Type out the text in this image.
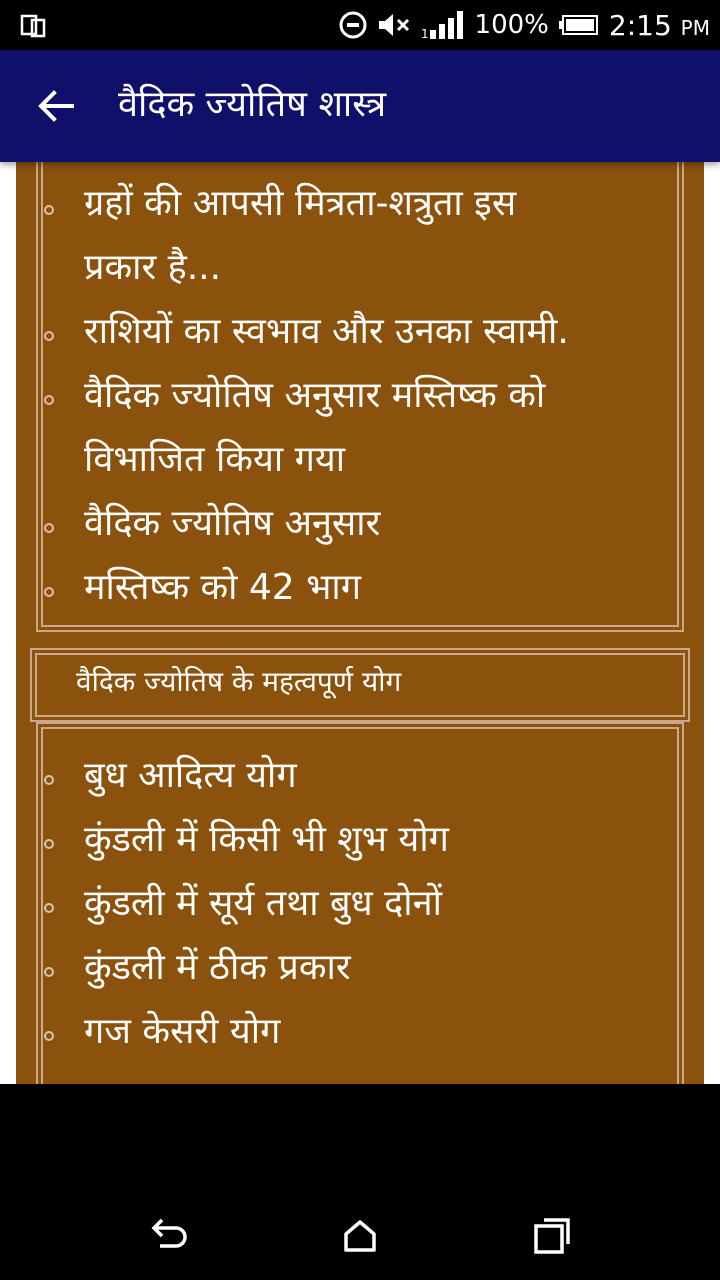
1 100% 2:15 PM
वैदिक ज्योतिष शास्त्र
ग्रहों की आपसी मित्रता-शत्रुता इस
प्रकार है...
राशियों का स्वभाव और उनका स्वामी.
वैदिक ज्योतिष अनुसार मस्तिष्क को
विभाजित किया गया
वैदिक ज्योतिष अनुसार
मस्तिष्क को 42 भाग
वैदिक ज्योतिष के महत्वपूर्ण योग
बुध आदित्य योग
कुंडली में किसी भी शुभ योग
कुंडली में सूर्य तथा बुध दोनों
कुंडली में ठीक प्रकार
गज केसरी योग
